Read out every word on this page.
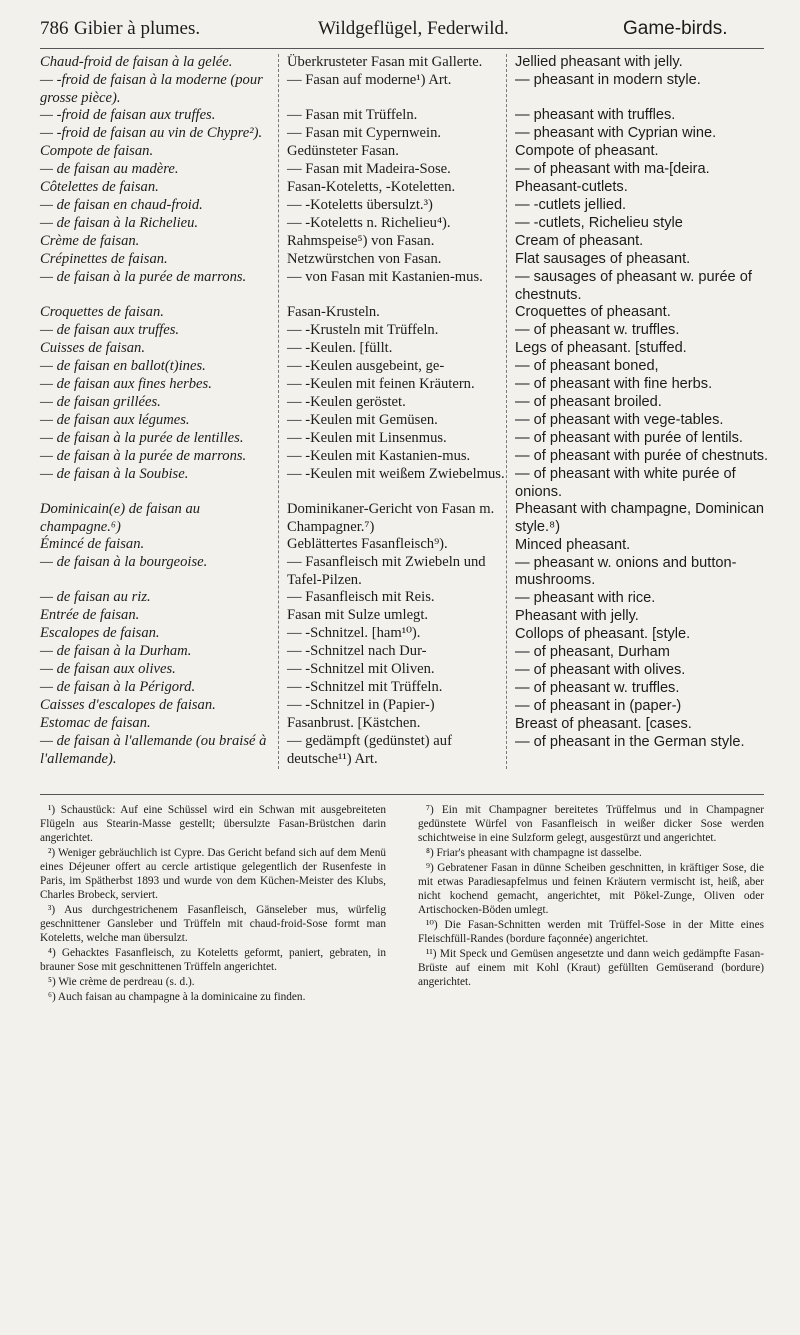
786 Gibier à plumes.	Wildgeflügel, Federwild.	Game-birds.
Chaud-froid de faisan à la gelée.
— -froid de faisan à la moderne (pour grosse pièce).
— -froid de faisan aux truffes.
— -froid de faisan au vin de Chypre²).
Compote de faisan.
— de faisan au madère.
Côtelettes de faisan.
— de faisan en chaud-froid.
— de faisan à la Richelieu.
Crème de faisan.
Crépinettes de faisan.
— de faisan à la purée de marrons.
Croquettes de faisan.
— de faisan aux truffes.
Cuisses de faisan.
— de faisan en ballot(t)ines.
— de faisan aux fines herbes.
— de faisan grillées.
— de faisan aux légumes.
— de faisan à la purée de lentilles.
— de faisan à la purée de marrons.
— de faisan à la Soubise.
Dominicain(e) de faisan au champagne.⁶)
Émincé de faisan.
— de faisan à la bourgeoise.
— de faisan au riz.
Entrée de faisan.
Escalopes de faisan.
— de faisan à la Durham.
— de faisan aux olives.
— de faisan à la Périgord.
Caisses d'escalopes de faisan.
Estomac de faisan.
— de faisan à l'allemande (ou braisé à l'allemande).
Überkrusteter Fasan mit Gallerte.
— Fasan auf moderne¹) Art.
— Fasan mit Trüffeln.
— Fasan mit Cypernwein.
Gedünsteter Fasan.
— Fasan mit Madeira-Sose.
Fasan-Koteletts, -Koteletten.
— -Koteletts übersulzt.³)
— -Koteletts n. Richelieu⁴).
Rahmspeise⁵) von Fasan.
Netzwürstchen von Fasan.
— von Fasan mit Kastanien-mus.
Fasan-Krusteln.
— -Krusteln mit Trüffeln.
— -Keulen. [füllt.
— -Keulen ausgebeint, ge-
— -Keulen mit feinen Kräutern.
— -Keulen geröstet.
— -Keulen mit Gemüsen.
— -Keulen mit Linsenmus.
— -Keulen mit Kastanien-mus.
— -Keulen mit weißem Zwiebelmus.
Dominikaner-Gericht von Fasan m. Champagner.⁷)
Geblättertes Fasanfleisch⁹).
— Fasanfleisch mit Zwiebeln und Tafel-Pilzen.
— Fasanfleisch mit Reis.
Fasan mit Sulze umlegt.
— -Schnitzel. [ham¹⁰).
— -Schnitzel nach Dur-
— -Schnitzel mit Oliven.
— -Schnitzel mit Trüffeln.
— -Schnitzel in (Papier-)
Fasanbrust. [Kästchen.
— gedämpft (gedünstet) auf deutsche¹¹) Art.
Jellied pheasant with jelly.
— pheasant in modern style.
— pheasant with truffles.
— pheasant with Cyprian wine.
Compote of pheasant.
— of pheasant with ma-[deira.
Pheasant-cutlets.
— -cutlets jellied.
— -cutlets, Richelieu style
Cream of pheasant.
Flat sausages of pheasant.
— sausages of pheasant w. purée of chestnuts.
Croquettes of pheasant.
— of pheasant w. truffles.
Legs of pheasant. [stuffed.
— of pheasant boned,
— of pheasant with fine herbs.
— of pheasant broiled.
— of pheasant with vege-tables.
— of pheasant with purée of lentils.
— of pheasant with purée of chestnuts.
— of pheasant with white purée of onions.
Pheasant with champagne, Dominican style.⁸)
Minced pheasant.
— pheasant w. onions and button-mushrooms.
— pheasant with rice.
Pheasant with jelly.
Collops of pheasant. [style.
— of pheasant, Durham
— of pheasant with olives.
— of pheasant w. truffles.
— of pheasant in (paper-)
Breast of pheasant. [cases.
— of pheasant in the German style.

¹) Schaustück: Auf eine Schüssel wird ein Schwan mit ausgebreiteten Flügeln aus Stearin-Masse gestellt; übersulzte Fasan-Brüstchen darin angerichtet.

²) Weniger gebräuchlich ist Cypre. Das Gericht befand sich auf dem Menü eines Déjeuner offert au cercle artistique gelegentlich der Rusenfeste in Paris, im Spätherbst 1893 und wurde von dem Küchen-Meister des Klubs, Charles Brobeck, serviert.

³) Aus durchgestrichenem Fasanfleisch, Gänseleber mus, würfelig geschnittener Gansleber und Trüffeln mit chaud-froid-Sose formt man Koteletts, welche man übersulzt.

⁴) Gehacktes Fasanfleisch, zu Koteletts geformt, paniert, gebraten, in brauner Sose mit geschnittenen Trüffeln angerichtet.

⁵) Wie crème de perdreau (s. d.).

⁶) Auch faisan au champagne à la dominicaine zu finden.

⁷) Ein mit Champagner bereitetes Trüffelmus und in Champagner gedünstete Würfel von Fasanfleisch in weißer dicker Sose werden schichtweise in eine Sulzform gelegt, ausgestürzt und angerichtet.

⁸) Friar's pheasant with champagne ist dasselbe.

⁹) Gebratener Fasan in dünne Scheiben geschnitten, in kräftiger Sose, die mit etwas Paradiesapfelmus und feinen Kräutern vermischt ist, heiß, aber nicht kochend gemacht, angerichtet, mit Pökel-Zunge, Oliven oder Artischocken-Böden umlegt.

¹⁰) Die Fasan-Schnitten werden mit Trüffel-Sose in der Mitte eines Fleischfüll-Randes (bordure façonnée) angerichtet.

¹¹) Mit Speck und Gemüsen angesetzte und dann weich gedämpfte Fasan-Brüste auf einem mit Kohl (Kraut) gefüllten Gemüserand (bordure) angerichtet.
